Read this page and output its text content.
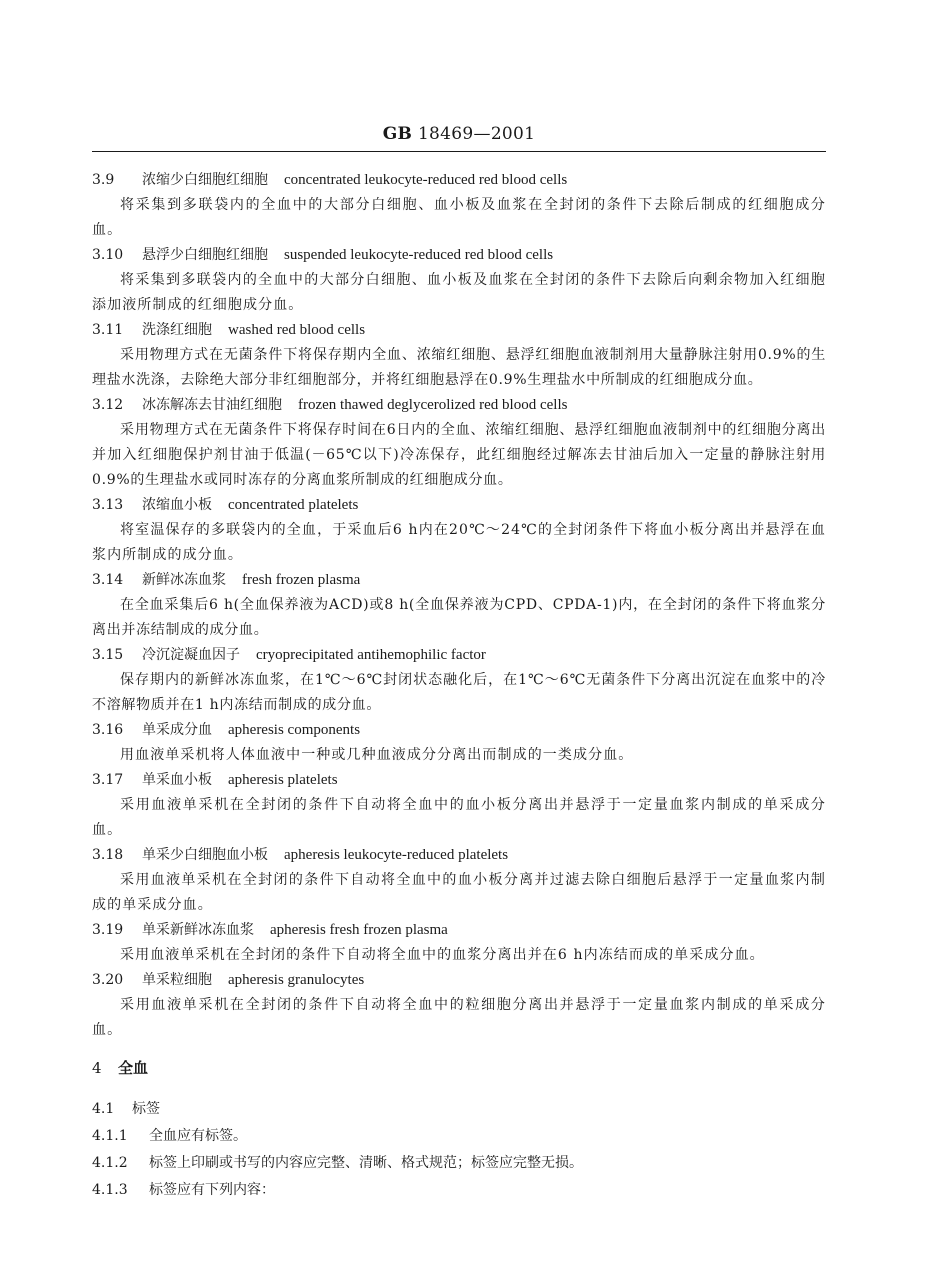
GB 18469—2001
3.9	浓缩少白细胞红细胞 concentrated leukocyte-reduced red blood cells

将采集到多联袋内的全血中的大部分白细胞、血小板及血浆在全封闭的条件下去除后制成的红细胞成分血。

3.10	悬浮少白细胞红细胞 suspended leukocyte-reduced red blood cells

将采集到多联袋内的全血中的大部分白细胞、血小板及血浆在全封闭的条件下去除后向剩余物加入红细胞添加液所制成的红细胞成分血。

3.11	洗涤红细胞 washed red blood cells

采用物理方式在无菌条件下将保存期内全血、浓缩红细胞、悬浮红细胞血液制剂用大量静脉注射用0.9%的生理盐水洗涤，去除绝大部分非红细胞部分，并将红细胞悬浮在0.9%生理盐水中所制成的红细胞成分血。

3.12	冰冻解冻去甘油红细胞 frozen thawed deglycerolized red blood cells

采用物理方式在无菌条件下将保存时间在6日内的全血、浓缩红细胞、悬浮红细胞血液制剂中的红细胞分离出并加入红细胞保护剂甘油于低温(－65℃以下)冷冻保存，此红细胞经过解冻去甘油后加入一定量的静脉注射用0.9%的生理盐水或同时冻存的分离血浆所制成的红细胞成分血。

3.13	浓缩血小板 concentrated platelets

将室温保存的多联袋内的全血，于采血后6 h内在20℃～24℃的全封闭条件下将血小板分离出并悬浮在血浆内所制成的成分血。

3.14	新鲜冰冻血浆 fresh frozen plasma

在全血采集后6 h(全血保养液为ACD)或8 h(全血保养液为CPD、CPDA-1)内，在全封闭的条件下将血浆分离出并冻结制成的成分血。

3.15	冷沉淀凝血因子 cryoprecipitated antihemophilic factor

保存期内的新鲜冰冻血浆，在1℃～6℃封闭状态融化后，在1℃～6℃无菌条件下分离出沉淀在血浆中的冷不溶解物质并在1 h内冻结而制成的成分血。

3.16	单采成分血 apheresis components

用血液单采机将人体血液中一种或几种血液成分分离出而制成的一类成分血。

3.17	单采血小板 apheresis platelets

采用血液单采机在全封闭的条件下自动将全血中的血小板分离出并悬浮于一定量血浆内制成的单采成分血。

3.18	单采少白细胞血小板 apheresis leukocyte-reduced platelets

采用血液单采机在全封闭的条件下自动将全血中的血小板分离并过滤去除白细胞后悬浮于一定量血浆内制成的单采成分血。

3.19	单采新鲜冰冻血浆 apheresis fresh frozen plasma

采用血液单采机在全封闭的条件下自动将全血中的血浆分离出并在6 h内冻结而成的单采成分血。

3.20	单采粒细胞 apheresis granulocytes

采用血液单采机在全封闭的条件下自动将全血中的粒细胞分离出并悬浮于一定量血浆内制成的单采成分血。

4	全血
4.1	标签
4.1.1	全血应有标签。
4.1.2	标签上印刷或书写的内容应完整、清晰、格式规范；标签应完整无损。
4.1.3	标签应有下列内容：
